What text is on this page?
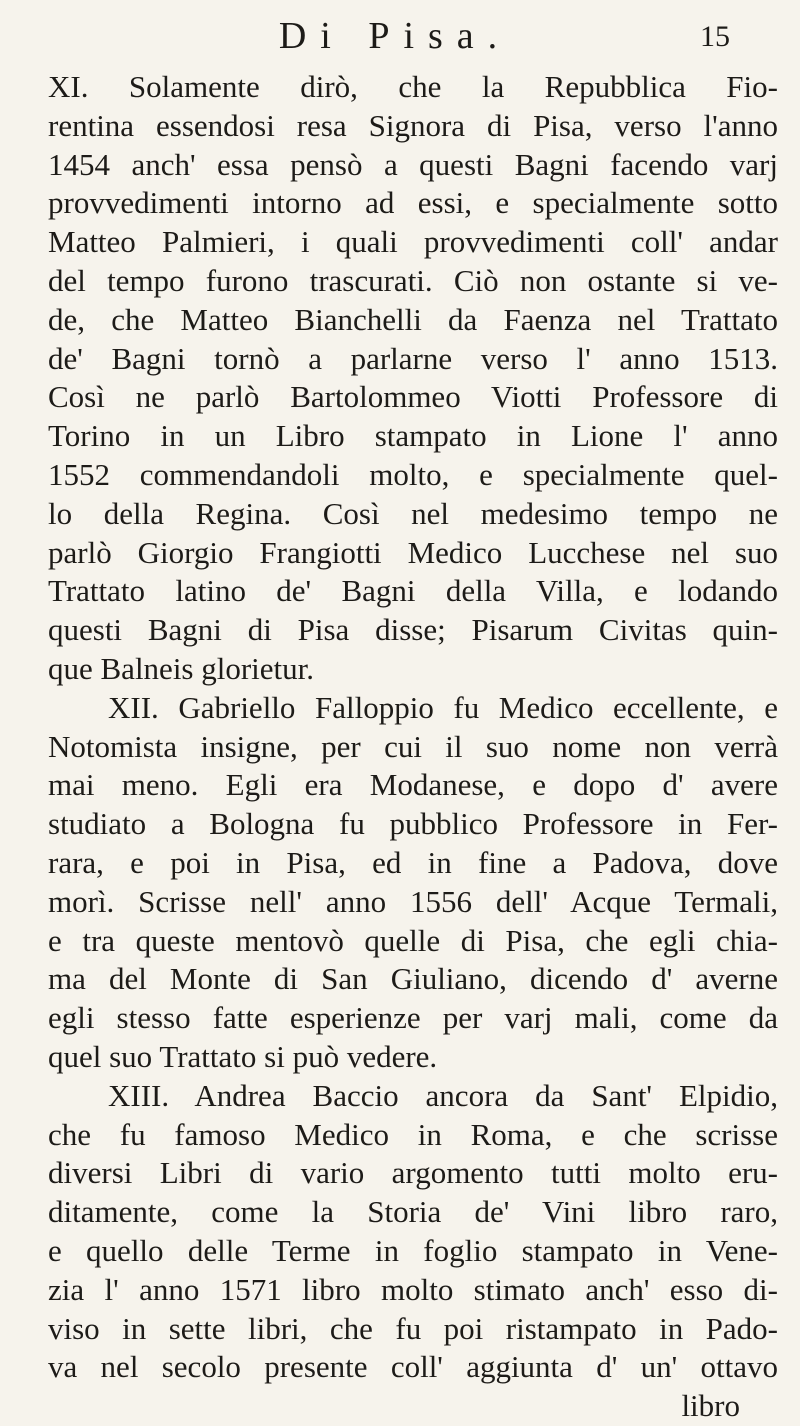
Di Pisa.	15
XI. Solamente dirò, che la Repubblica Fio-
rentina essendosi resa Signora di Pisa, verso l'anno
1454 anch' essa pensò a questi Bagni facendo varj
provvedimenti intorno ad essi, e specialmente sotto
Matteo Palmieri, i quali provvedimenti coll' andar
del tempo furono trascurati. Ciò non ostante si ve-
de, che Matteo Bianchelli da Faenza nel Trattato
de' Bagni tornò a parlarne verso l' anno 1513.
Così ne parlò Bartolommeo Viotti Professore di
Torino in un Libro stampato in Lione l' anno
1552 commendandoli molto, e specialmente quel-
lo della Regina. Così nel medesimo tempo ne
parlò Giorgio Frangiotti Medico Lucchese nel suo
Trattato latino de' Bagni della Villa, e lodando
questi Bagni di Pisa disse; Pisarum Civitas quin-
que Balneis glorietur.
XII. Gabriello Falloppio fu Medico eccellente, e
Notomista insigne, per cui il suo nome non verrà
mai meno. Egli era Modanese, e dopo d' avere
studiato a Bologna fu pubblico Professore in Fer-
rara, e poi in Pisa, ed in fine a Padova, dove
morì. Scrisse nell' anno 1556 dell' Acque Termali,
e tra queste mentovò quelle di Pisa, che egli chia-
ma del Monte di San Giuliano, dicendo d' averne
egli stesso fatte esperienze per varj mali, come da
quel suo Trattato si può vedere.
XIII. Andrea Baccio ancora da Sant' Elpidio,
che fu famoso Medico in Roma, e che scrisse
diversi Libri di vario argomento tutti molto eru-
ditamente, come la Storia de' Vini libro raro,
e quello delle Terme in foglio stampato in Vene-
zia l' anno 1571 libro molto stimato anch' esso di-
viso in sette libri, che fu poi ristampato in Pado-
va nel secolo presente coll' aggiunta d' un' ottavo
libro
